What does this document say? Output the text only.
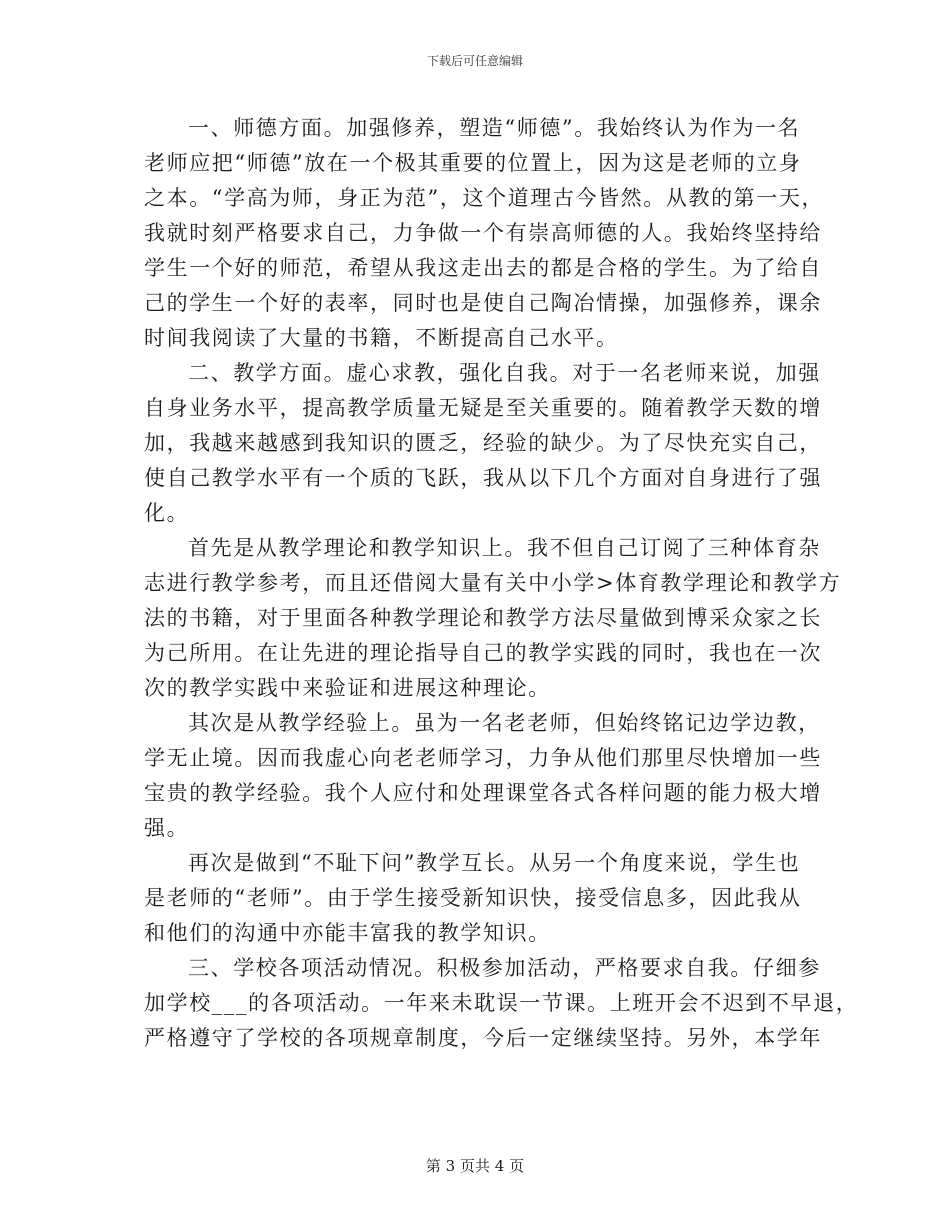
下载后可任意编辑
一、师德方面。加强修养，塑造“师德”。我始终认为作为一名
老师应把“师德”放在一个极其重要的位置上，因为这是老师的立身
之本。“学高为师，身正为范”，这个道理古今皆然。从教的第一天，
我就时刻严格要求自己，力争做一个有崇高师德的人。我始终坚持给
学生一个好的师范，希望从我这走出去的都是合格的学生。为了给自
己的学生一个好的表率，同时也是使自己陶冶情操，加强修养，课余
时间我阅读了大量的书籍，不断提高自己水平。
二、教学方面。虚心求教，强化自我。对于一名老师来说，加强
自身业务水平，提高教学质量无疑是至关重要的。随着教学天数的增
加，我越来越感到我知识的匮乏，经验的缺少。为了尽快充实自己，
使自己教学水平有一个质的飞跃，我从以下几个方面对自身进行了强
化。
首先是从教学理论和教学知识上。我不但自己订阅了三种体育杂
志进行教学参考，而且还借阅大量有关中小学>体育教学理论和教学方
法的书籍，对于里面各种教学理论和教学方法尽量做到博采众家之长
为己所用。在让先进的理论指导自己的教学实践的同时，我也在一次
次的教学实践中来验证和进展这种理论。
其次是从教学经验上。虽为一名老老师，但始终铭记边学边教，
学无止境。因而我虚心向老老师学习，力争从他们那里尽快增加一些
宝贵的教学经验。我个人应付和处理课堂各式各样问题的能力极大增
强。
再次是做到“不耻下问”教学互长。从另一个角度来说，学生也
是老师的“老师”。由于学生接受新知识快，接受信息多，因此我从
和他们的沟通中亦能丰富我的教学知识。
三、学校各项活动情况。积极参加活动，严格要求自我。仔细参
加学校___的各项活动。一年来未耽误一节课。上班开会不迟到不早退，
严格遵守了学校的各项规章制度，今后一定继续坚持。另外，本学年
第 3 页共 4 页
